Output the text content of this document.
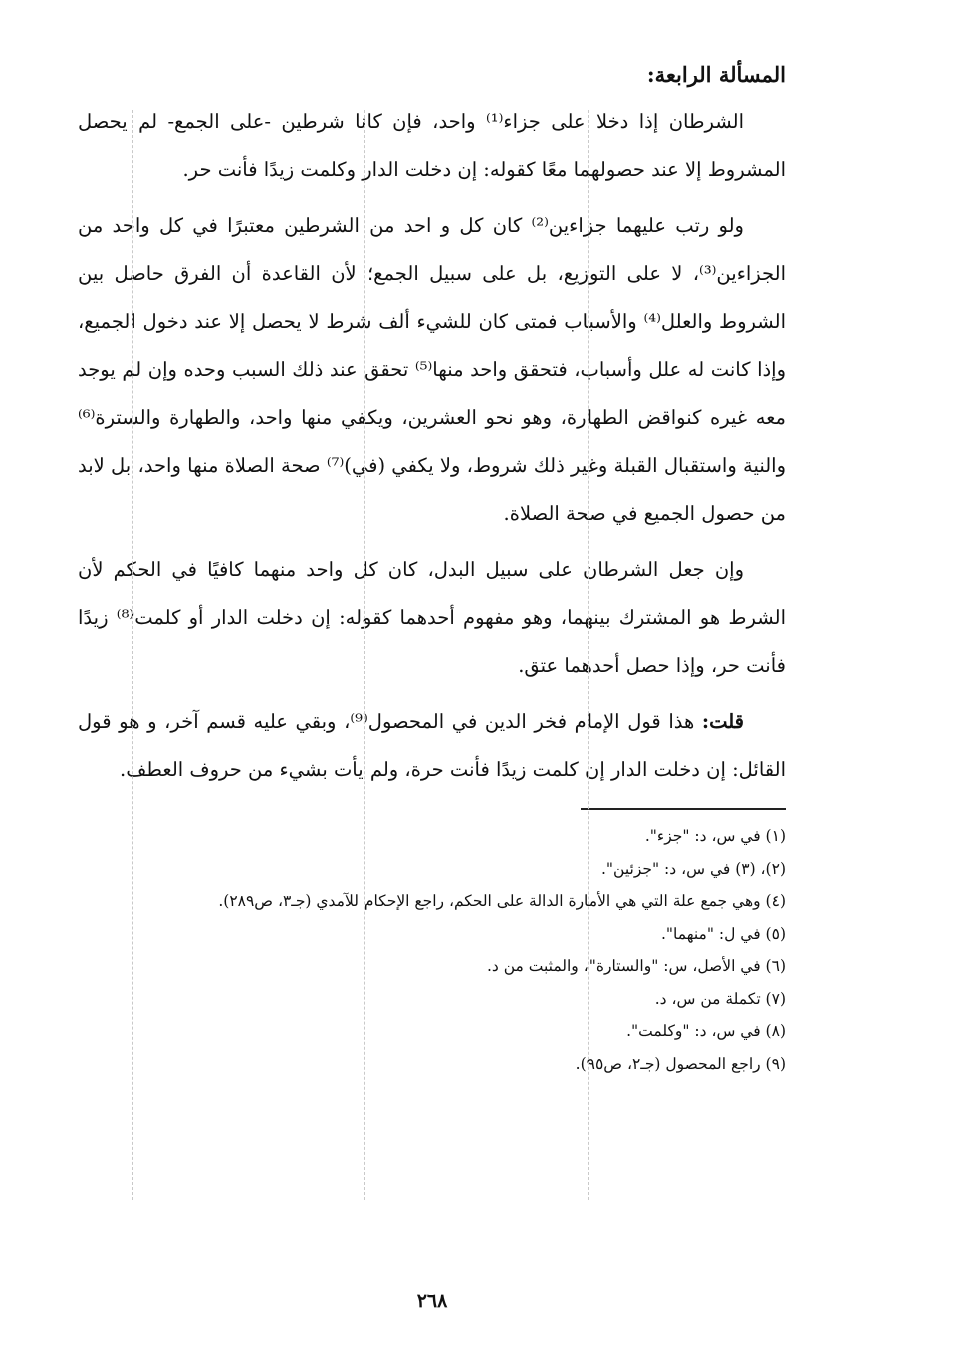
المسألة الرابعة:

الشرطان إذا دخلا على جزاء⁽¹⁾ واحد، فإن كانا شرطين -على الجمع- لم يحصل المشروط إلا عند حصولهما معًا كقوله: إن دخلت الدار وكلمت زيدًا فأنت حر.

ولو رتب عليهما جزاءين⁽²⁾ كان كل و احد من الشرطين معتبرًا في كل واحد من الجزاءين⁽³⁾، لا على التوزيع، بل على سبيل الجمع؛ لأن القاعدة أن الفرق حاصل بين الشروط والعلل⁽⁴⁾ والأسباب فمتى كان للشيء ألف شرط لا يحصل إلا عند دخول الجميع، وإذا كانت له علل وأسباب، فتحقق واحد منها⁽⁵⁾ تحقق عند ذلك السبب وحده وإن لم يوجد معه غيره كنواقض الطهارة، وهو نحو العشرين، ويكفي منها واحد، والطهارة والسترة⁽⁶⁾ والنية واستقبال القبلة وغير ذلك شروط، ولا يكفي (في)⁽⁷⁾ صحة الصلاة منها واحد، بل لابد من حصول الجميع في صحة الصلاة.

وإن جعل الشرطان على سبيل البدل، كان كل واحد منهما كافيًا في الحكم لأن الشرط هو المشترك بينهما، وهو مفهوم أحدهما كقوله: إن دخلت الدار أو كلمت⁽⁸⁾ زيدًا فأنت حر، وإذا حصل أحدهما عتق.

قلت: هذا قول الإمام فخر الدين في المحصول⁽⁹⁾، وبقي عليه قسم آخر، و هو قول القائل: إن دخلت الدار إن كلمت زيدًا فأنت حرة، ولم يأت بشيء من حروف العطف.

(١) في س، د: "جزء".
(٢)، (٣) في س، د: "جزئين".
(٤) وهي جمع علة التي هي الأمارة الدالة على الحكم، راجع الإحكام للآمدي (جـ٣، ص٢٨٩).
(٥) في ل: "منهما".
(٦) في الأصل، س: "والستارة"، والمثبت من د.
(٧) تكملة من س، د.
(٨) في س، د: "وكلمت".
(٩) راجع المحصول (جـ٢، ص٩٥).
٢٦٨
